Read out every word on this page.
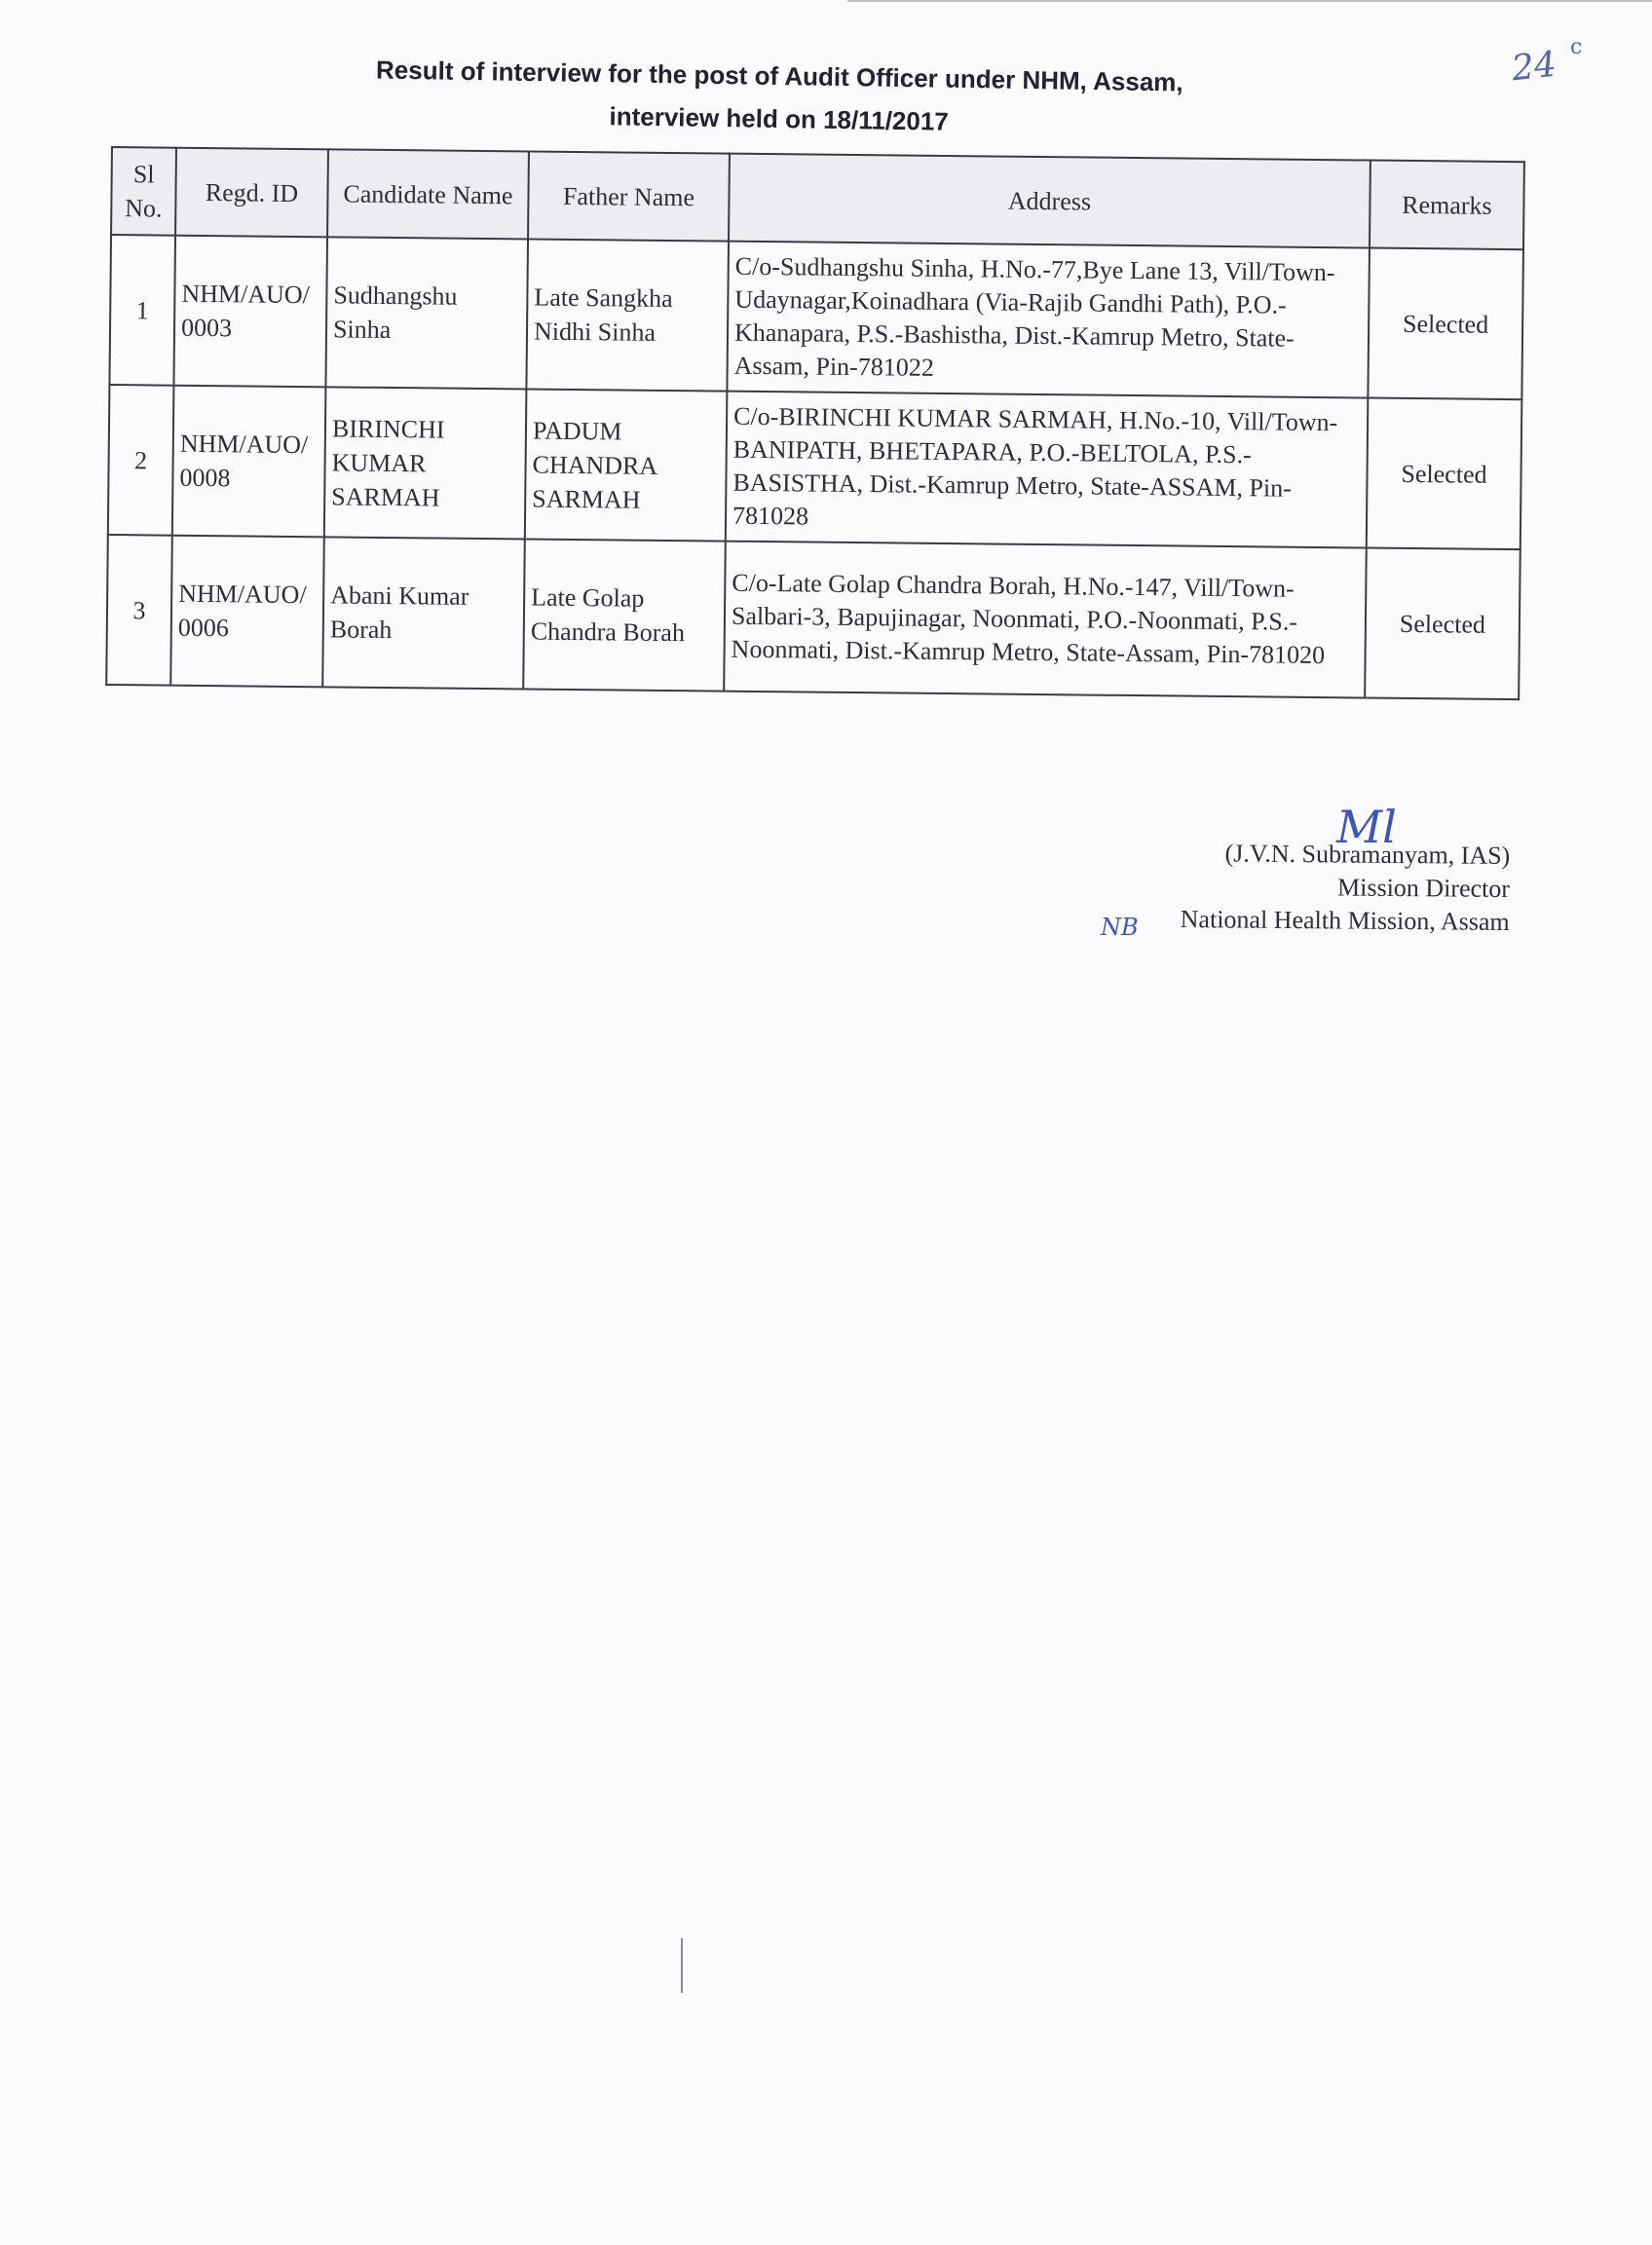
24 c
Result of interview for the post of Audit Officer under NHM, Assam,
interview held on 18/11/2017
Sl No.	Regd. ID	Candidate Name	Father Name	Address	Remarks
1	NHM/AUO/ 0003	Sudhangshu Sinha	Late Sangkha Nidhi Sinha	C/o-Sudhangshu Sinha, H.No.-77,Bye Lane 13, Vill/Town-Udaynagar,Koinadhara (Via-Rajib Gandhi Path), P.O.-Khanapara, P.S.-Bashistha, Dist.-Kamrup Metro, State-Assam, Pin-781022	Selected
2	NHM/AUO/ 0008	BIRINCHI KUMAR SARMAH	PADUM CHANDRA SARMAH	C/o-BIRINCHI KUMAR SARMAH, H.No.-10, Vill/Town-BANIPATH, BHETAPARA, P.O.-BELTOLA, P.S.-BASISTHA, Dist.-Kamrup Metro, State-ASSAM, Pin-781028	Selected
3	NHM/AUO/ 0006	Abani Kumar Borah	Late Golap Chandra Borah	C/o-Late Golap Chandra Borah, H.No.-147, Vill/Town-Salbari-3, Bapujinagar, Noonmati, P.O.-Noonmati, P.S.-Noonmati, Dist.-Kamrup Metro, State-Assam, Pin-781020	Selected
Ml
NB
(J.V.N. Subramanyam, IAS)
Mission Director
National Health Mission, Assam
